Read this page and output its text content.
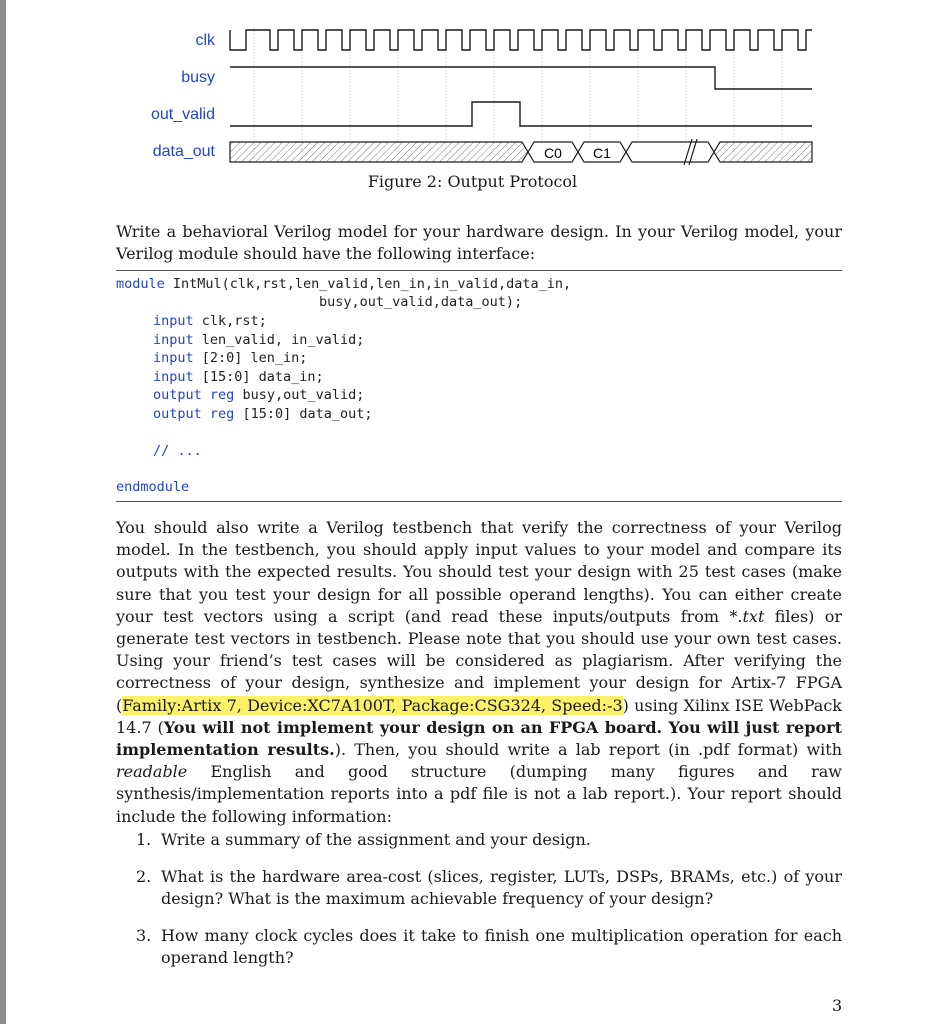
clk
busy
out_valid
data_out	C0 C1
Figure 2: Output Protocol
Write a behavioral Verilog model for your hardware design. In your Verilog model, your Verilog module should have the following interface:
module IntMul(clk,rst,len_valid,len_in,in_valid,data_in,
busy,out_valid,data_out);
input clk,rst;
input len_valid, in_valid;
input [2:0] len_in;
input [15:0] data_in;
output reg busy,out_valid;
output reg [15:0] data_out;
// ...
endmodule
You should also write a Verilog testbench that verify the correctness of your Verilog model. In the testbench, you should apply input values to your model and compare its outputs with the expected results. You should test your design with 25 test cases (make sure that you test your design for all possible operand lengths). You can either create your test vectors using a script (and read these inputs/outputs from *.txt files) or generate test vectors in testbench. Please note that you should use your own test cases. Using your friend’s test cases will be considered as plagiarism. After verifying the correctness of your design, synthesize and implement your design for Artix-7 FPGA (Family:Artix 7, Device:XC7A100T, Package:CSG324, Speed:-3) using Xilinx ISE WebPack 14.7 (You will not implement your design on an FPGA board. You will just report implementation results.). Then, you should write a lab report (in .pdf format) with readable English and good structure (dumping many figures and raw synthesis/implementation reports into a pdf file is not a lab report.). Your report should include the following information:
1. Write a summary of the assignment and your design.
2. What is the hardware area-cost (slices, register, LUTs, DSPs, BRAMs, etc.) of your design? What is the maximum achievable frequency of your design?
3. How many clock cycles does it take to finish one multiplication operation for each operand length?
3
